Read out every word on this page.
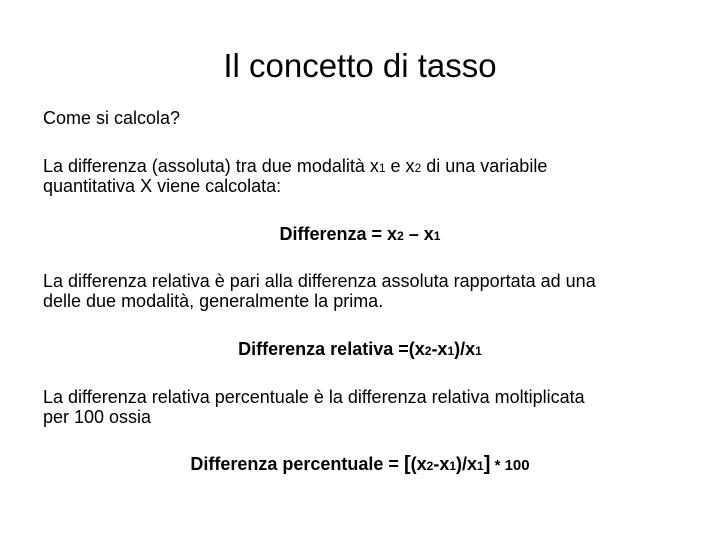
Il concetto di tasso

Come si calcola?

La differenza (assoluta) tra due modalità x1 e x2 di una variabile
quantitativa X viene calcolata:

Differenza = x2 – x1

La differenza relativa è pari alla differenza assoluta rapportata ad una
delle due modalità, generalmente la prima.

Differenza relativa =(x2-x1)/x1

La differenza relativa percentuale è la differenza relativa moltiplicata
per 100 ossia

Differenza percentuale = [(x2-x1)/x1] * 100
